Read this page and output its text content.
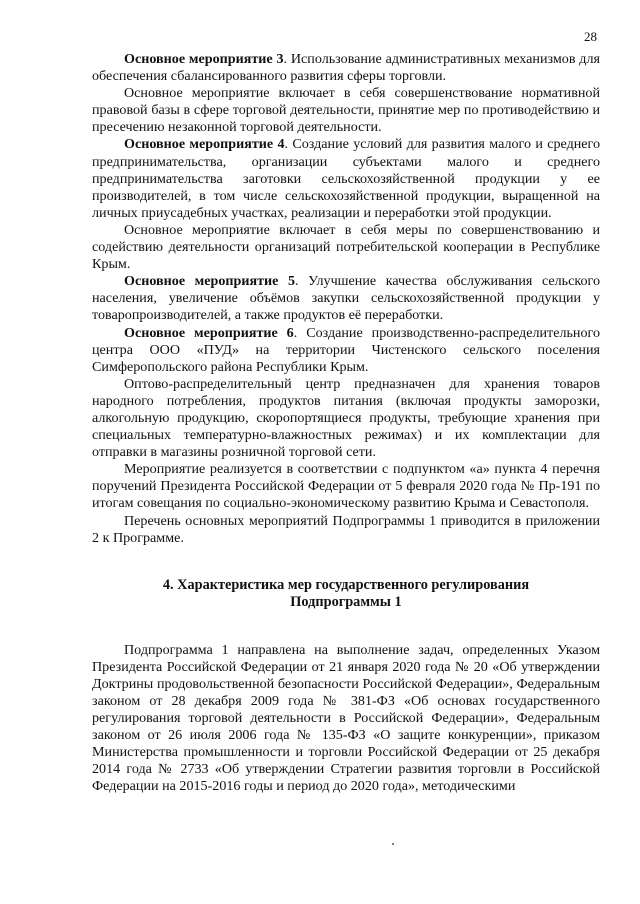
28

Основное мероприятие 3. Использование административных механизмов для обеспечения сбалансированного развития сферы торговли.

Основное мероприятие включает в себя совершенствование нормативной правовой базы в сфере торговой деятельности, принятие мер по противодействию и пресечению незаконной торговой деятельности.

Основное мероприятие 4. Создание условий для развития малого и среднего предпринимательства, организации субъектами малого и среднего предпринимательства заготовки сельскохозяйственной продукции у ее производителей, в том числе сельскохозяйственной продукции, выращенной на личных приусадебных участках, реализации и переработки этой продукции.

Основное мероприятие включает в себя меры по совершенствованию и содействию деятельности организаций потребительской кооперации в Республике Крым.

Основное мероприятие 5. Улучшение качества обслуживания сельского населения, увеличение объёмов закупки сельскохозяйственной продукции у товаропроизводителей, а также продуктов её переработки.

Основное мероприятие 6. Создание производственно-распределительного центра ООО «ПУД» на территории Чистенского сельского поселения Симферопольского района Республики Крым.

Оптово-распределительный центр предназначен для хранения товаров народного потребления, продуктов питания (включая продукты заморозки, алкогольную продукцию, скоропортящиеся продукты, требующие хранения при специальных температурно-влажностных режимах) и их комплектации для отправки в магазины розничной торговой сети.

Мероприятие реализуется в соответствии с подпунктом «а» пункта 4 перечня поручений Президента Российской Федерации от 5 февраля 2020 года № Пр-191 по итогам совещания по социально-экономическому развитию Крыма и Севастополя.

Перечень основных мероприятий Подпрограммы 1 приводится в приложении 2 к Программе.

4. Характеристика мер государственного регулирования
Подпрограммы 1

Подпрограмма 1 направлена на выполнение задач, определенных Указом Президента Российской Федерации от 21 января 2020 года № 20 «Об утверждении Доктрины продовольственной безопасности Российской Федерации», Федеральным законом от 28 декабря 2009 года № 381-ФЗ «Об основах государственного регулирования торговой деятельности в Российской Федерации», Федеральным законом от 26 июля 2006 года № 135-ФЗ «О защите конкуренции», приказом Министерства промышленности и торговли Российской Федерации от 25 декабря 2014 года № 2733 «Об утверждении Стратегии развития торговли в Российской Федерации на 2015-2016 годы и период до 2020 года», методическими
